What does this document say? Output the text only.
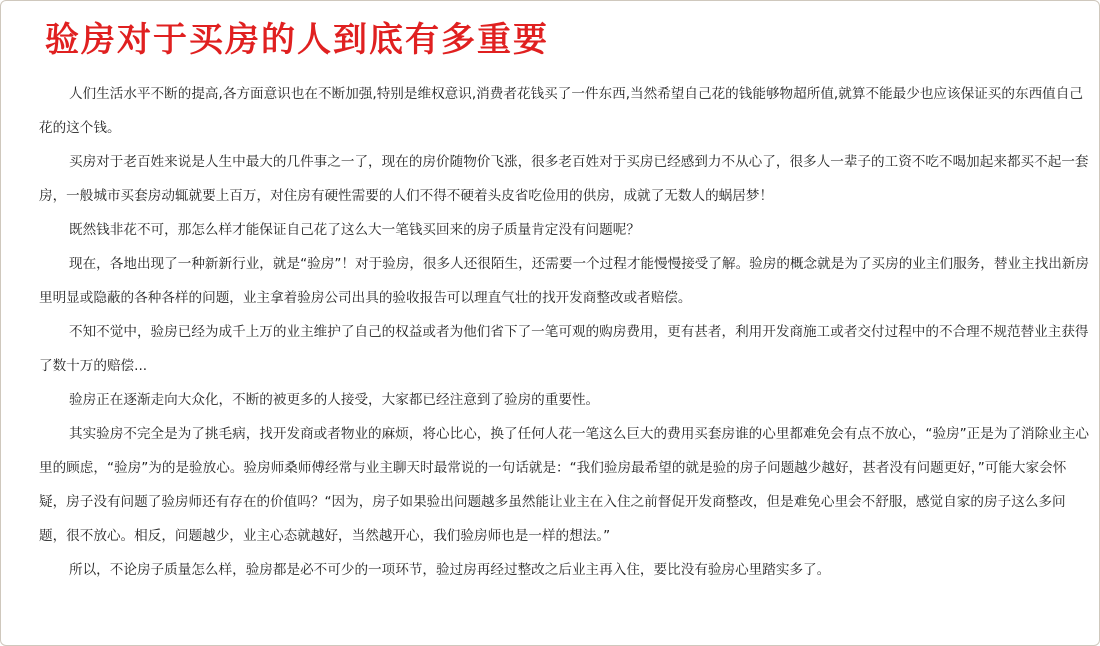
验房对于买房的人到底有多重要

人们生活水平不断的提高,各方面意识也在不断加强,特别是维权意识,消费者花钱买了一件东西,当然希望自己花的钱能够物超所值,就算不能最少也应该保证买的东西值自己花的这个钱。

买房对于老百姓来说是人生中最大的几件事之一了，现在的房价随物价飞涨，很多老百姓对于买房已经感到力不从心了，很多人一辈子的工资不吃不喝加起来都买不起一套房，一般城市买套房动辄就要上百万，对住房有硬性需要的人们不得不硬着头皮省吃俭用的供房，成就了无数人的蜗居梦！

既然钱非花不可，那怎么样才能保证自己花了这么大一笔钱买回来的房子质量肯定没有问题呢？

现在，各地出现了一种新新行业，就是“验房”！对于验房，很多人还很陌生，还需要一个过程才能慢慢接受了解。验房的概念就是为了买房的业主们服务，替业主找出新房里明显或隐蔽的各种各样的问题，业主拿着验房公司出具的验收报告可以理直气壮的找开发商整改或者赔偿。

不知不觉中，验房已经为成千上万的业主维护了自己的权益或者为他们省下了一笔可观的购房费用，更有甚者，利用开发商施工或者交付过程中的不合理不规范替业主获得了数十万的赔偿...

验房正在逐渐走向大众化，不断的被更多的人接受，大家都已经注意到了验房的重要性。

其实验房不完全是为了挑毛病，找开发商或者物业的麻烦，将心比心，换了任何人花一笔这么巨大的费用买套房谁的心里都难免会有点不放心，“验房”正是为了消除业主心里的顾虑，“验房”为的是验放心。验房师桑师傅经常与业主聊天时最常说的一句话就是：“我们验房最希望的就是验的房子问题越少越好，甚者没有问题更好，”可能大家会怀疑，房子没有问题了验房师还有存在的价值吗？“因为，房子如果验出问题越多虽然能让业主在入住之前督促开发商整改，但是难免心里会不舒服，感觉自家的房子这么多问题，很不放心。相反，问题越少，业主心态就越好，当然越开心，我们验房师也是一样的想法。”

所以，不论房子质量怎么样，验房都是必不可少的一项环节，验过房再经过整改之后业主再入住，要比没有验房心里踏实多了。
